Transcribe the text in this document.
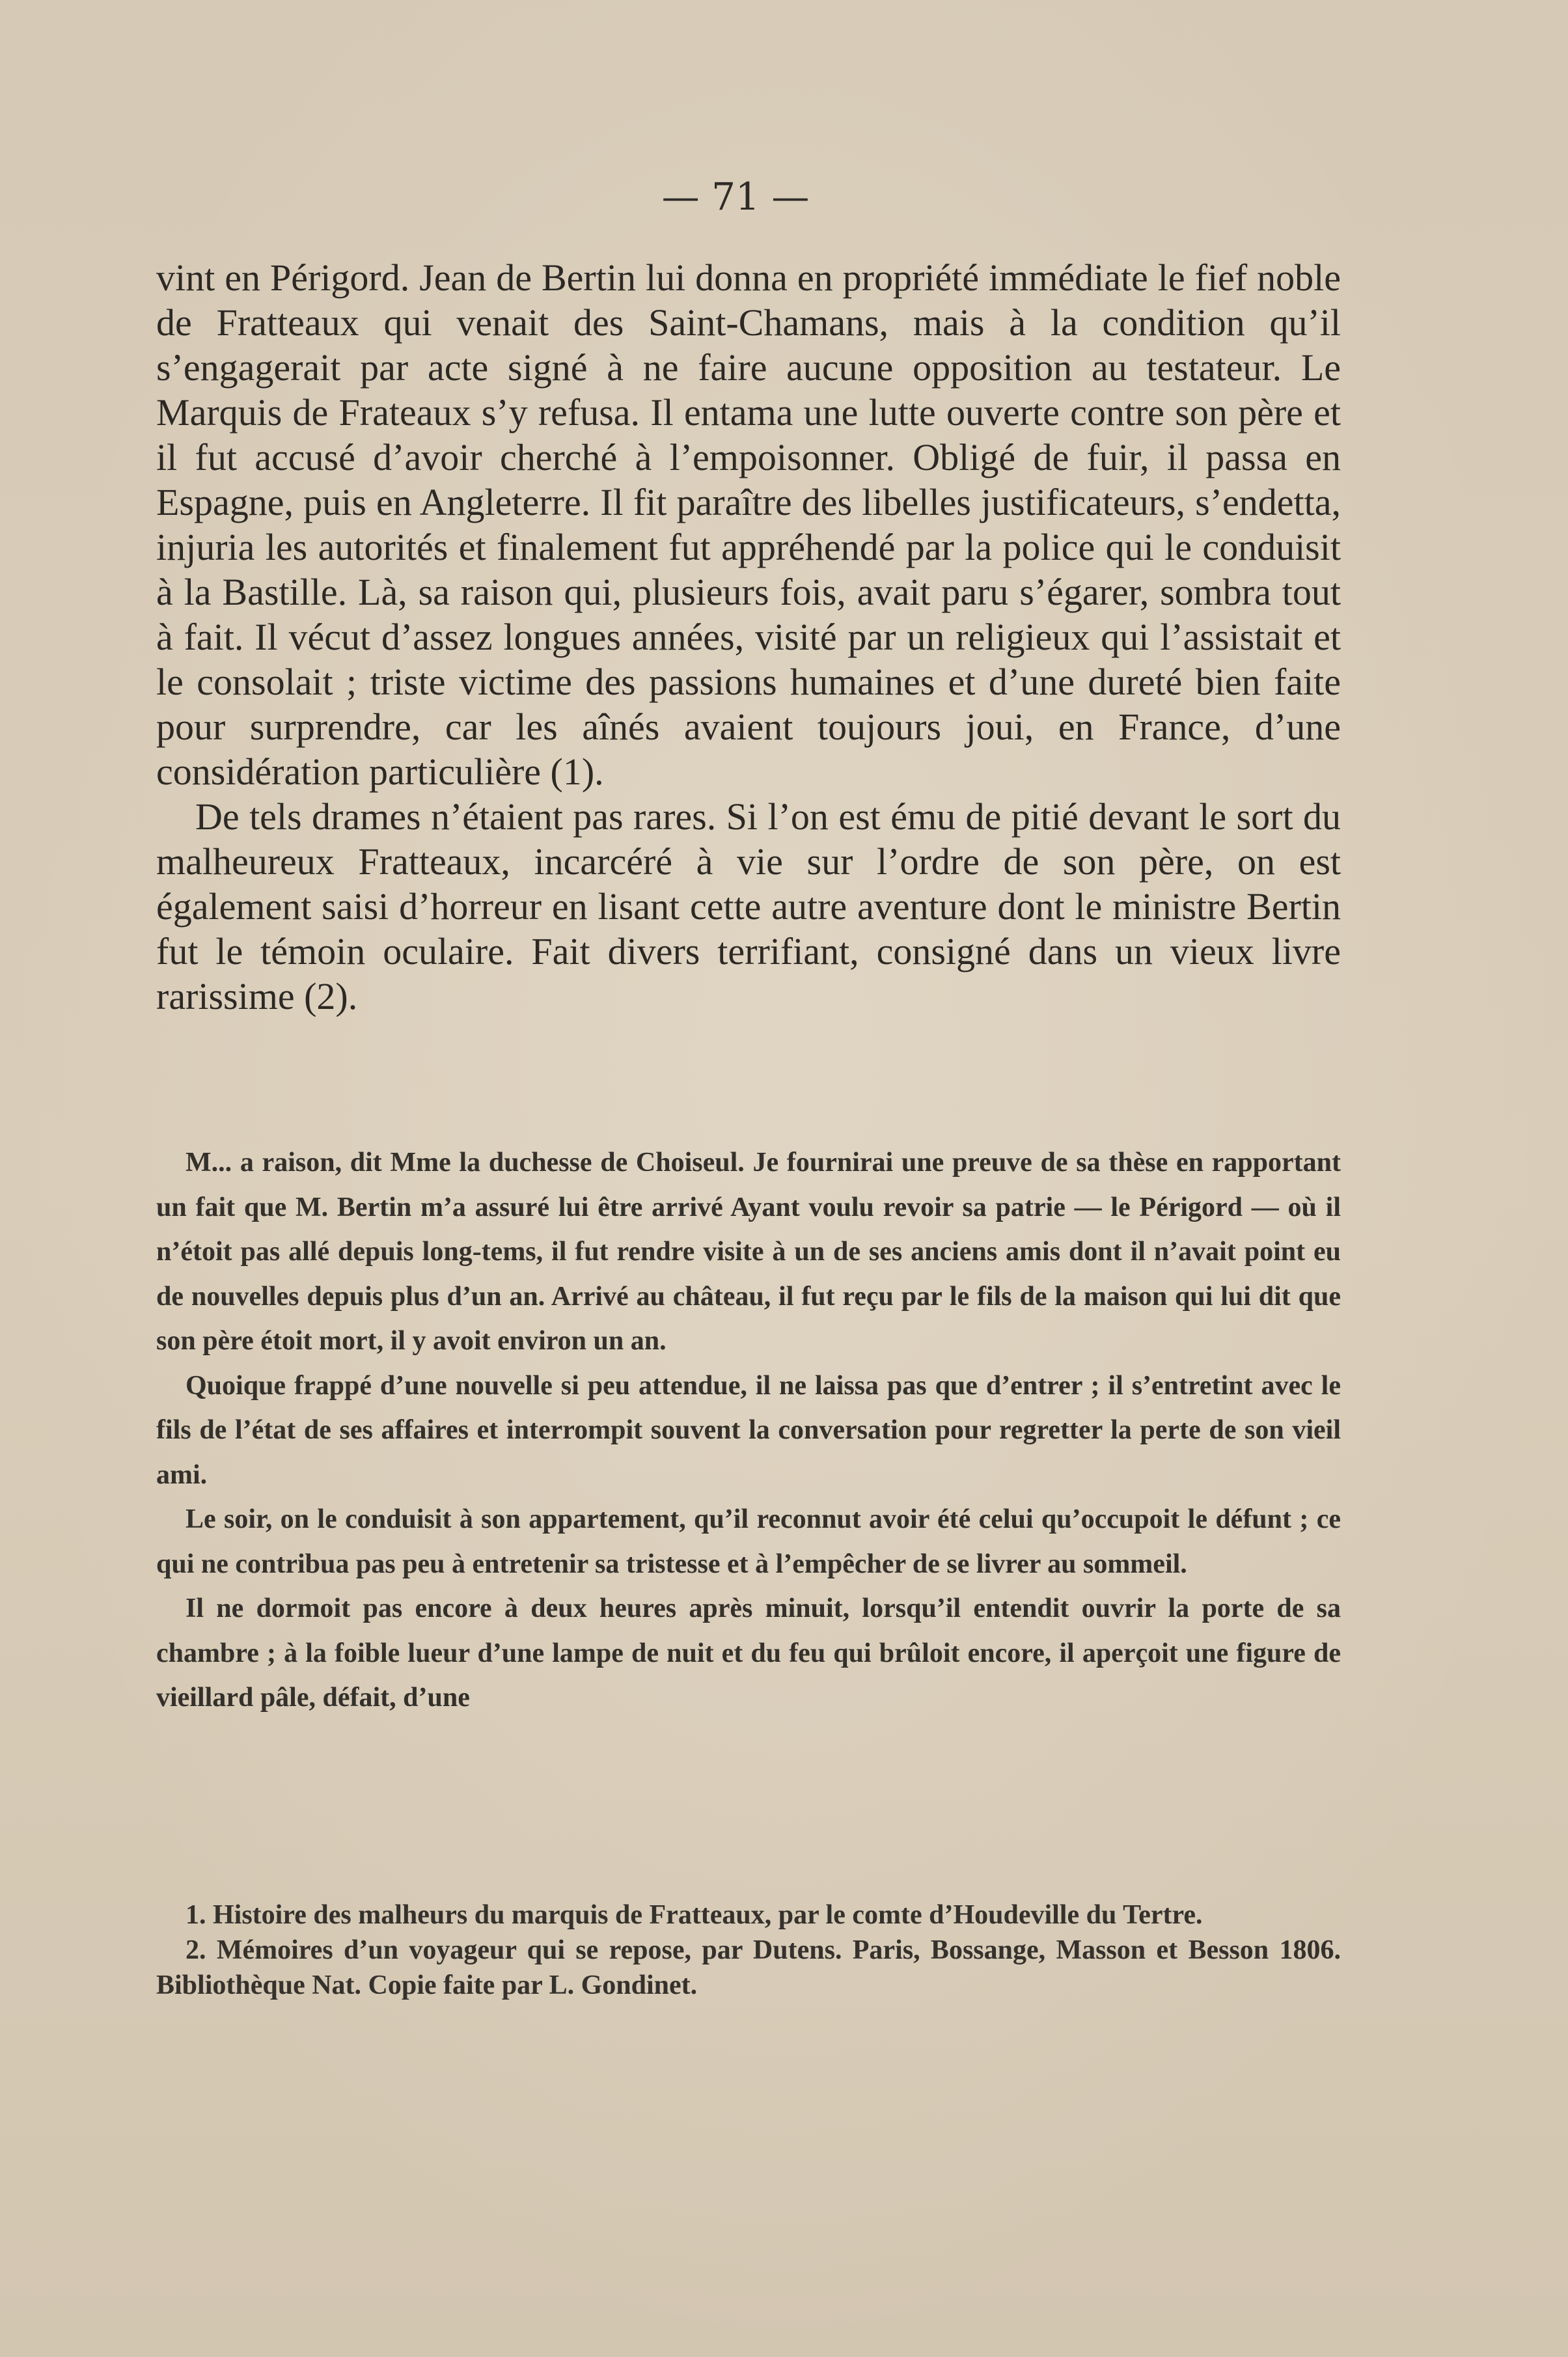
— 71 —

vint en Périgord. Jean de Bertin lui donna en propriété immédiate le fief noble de Fratteaux qui venait des Saint-Chamans, mais à la condition qu’il s’engagerait par acte signé à ne faire aucune opposition au testateur. Le Marquis de Frateaux s’y refusa. Il entama une lutte ouverte contre son père et il fut accusé d’avoir cherché à l’empoisonner. Obligé de fuir, il passa en Espagne, puis en Angleterre. Il fit paraître des libelles justificateurs, s’endetta, injuria les autorités et finalement fut appréhendé par la police qui le conduisit à la Bastille. Là, sa raison qui, plusieurs fois, avait paru s’égarer, sombra tout à fait. Il vécut d’assez longues années, visité par un religieux qui l’assistait et le consolait ; triste victime des passions humaines et d’une dureté bien faite pour surprendre, car les aînés avaient toujours joui, en France, d’une considération particulière (1).

De tels drames n’étaient pas rares. Si l’on est ému de pitié devant le sort du malheureux Fratteaux, incarcéré à vie sur l’ordre de son père, on est également saisi d’horreur en lisant cette autre aventure dont le ministre Bertin fut le témoin oculaire. Fait divers terrifiant, consigné dans un vieux livre rarissime (2).

M... a raison, dit Mme la duchesse de Choiseul. Je fournirai une preuve de sa thèse en rapportant un fait que M. Bertin m’a assuré lui être arrivé Ayant voulu revoir sa patrie — le Périgord — où il n’étoit pas allé depuis long-tems, il fut rendre visite à un de ses anciens amis dont il n’avait point eu de nouvelles depuis plus d’un an. Arrivé au château, il fut reçu par le fils de la maison qui lui dit que son père étoit mort, il y avoit environ un an.

Quoique frappé d’une nouvelle si peu attendue, il ne laissa pas que d’entrer ; il s’entretint avec le fils de l’état de ses affaires et interrompit souvent la conversation pour regretter la perte de son vieil ami.

Le soir, on le conduisit à son appartement, qu’il reconnut avoir été celui qu’occupoit le défunt ; ce qui ne contribua pas peu à entretenir sa tristesse et à l’empêcher de se livrer au sommeil.

Il ne dormoit pas encore à deux heures après minuit, lorsqu’il entendit ouvrir la porte de sa chambre ; à la foible lueur d’une lampe de nuit et du feu qui brûloit encore, il aperçoit une figure de vieillard pâle, défait, d’une

1. Histoire des malheurs du marquis de Fratteaux, par le comte d’Houdeville du Tertre.

2. Mémoires d’un voyageur qui se repose, par Dutens. Paris, Bossange, Masson et Besson 1806. Bibliothèque Nat. Copie faite par L. Gondinet.
